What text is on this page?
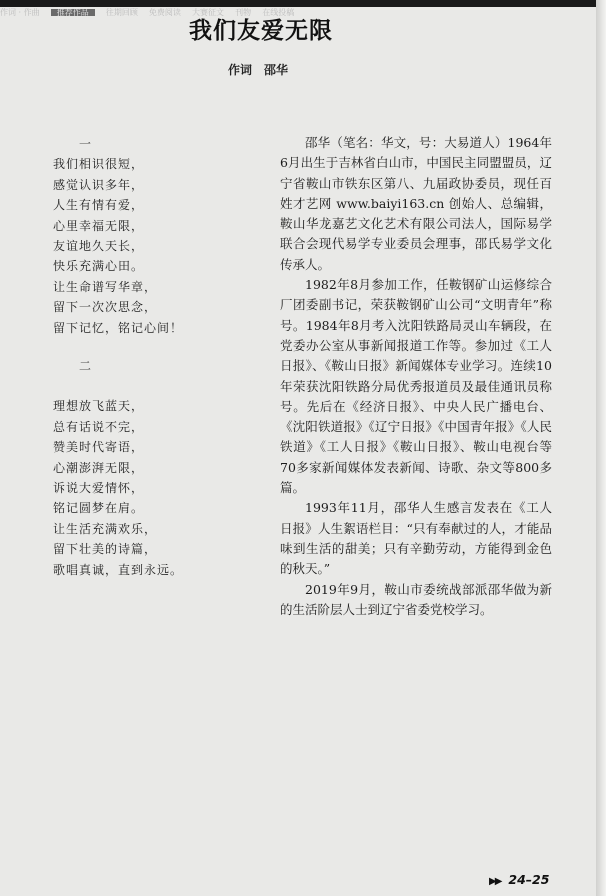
作词 · 作曲 推荐作品 往期回顾 免费阅读 大赛征文 刊物 在线投稿
我们友爱无限
作词 邵华
一
我们相识很短，
感觉认识多年，
人生有情有爱，
心里幸福无限，
友谊地久天长，
快乐充满心田。
让生命谱写华章，
留下一次次思念，
留下记忆，铭记心间！
二
理想放飞蓝天，
总有话说不完，
赞美时代寄语，
心潮澎湃无限，
诉说大爱情怀，
铭记圆梦在肩。
让生活充满欢乐，
留下壮美的诗篇，
歌唱真诚，直到永远。

邵华（笔名：华文，号：大易道人）1964年6月出生于吉林省白山市，中国民主同盟盟员，辽宁省鞍山市铁东区第八、九届政协委员，现任百姓才艺网 www.baiyi163.cn 创始人、总编辑，鞍山华龙嘉艺文化艺术有限公司法人，国际易学联合会现代易学专业委员会理事，邵氏易学文化传承人。

1982年8月参加工作，任鞍钢矿山运修综合厂团委副书记，荣获鞍钢矿山公司“文明青年”称号。1984年8月考入沈阳铁路局灵山车辆段，在党委办公室从事新闻报道工作等。参加过《工人日报》、《鞍山日报》新闻媒体专业学习。连续10年荣获沈阳铁路分局优秀报道员及最佳通讯员称号。先后在《经济日报》、中央人民广播电台、《沈阳铁道报》《辽宁日报》《中国青年报》《人民铁道》《工人日报》《鞍山日报》、鞍山电视台等70多家新闻媒体发表新闻、诗歌、杂文等800多篇。

1993年11月，邵华人生感言发表在《工人日报》人生絮语栏目：“只有奉献过的人，才能品味到生活的甜美；只有辛勤劳动，方能得到金色的秋天。”

2019年9月，鞍山市委统战部派邵华做为新的生活阶层人士到辽宁省委党校学习。

▶▶ 24–25
